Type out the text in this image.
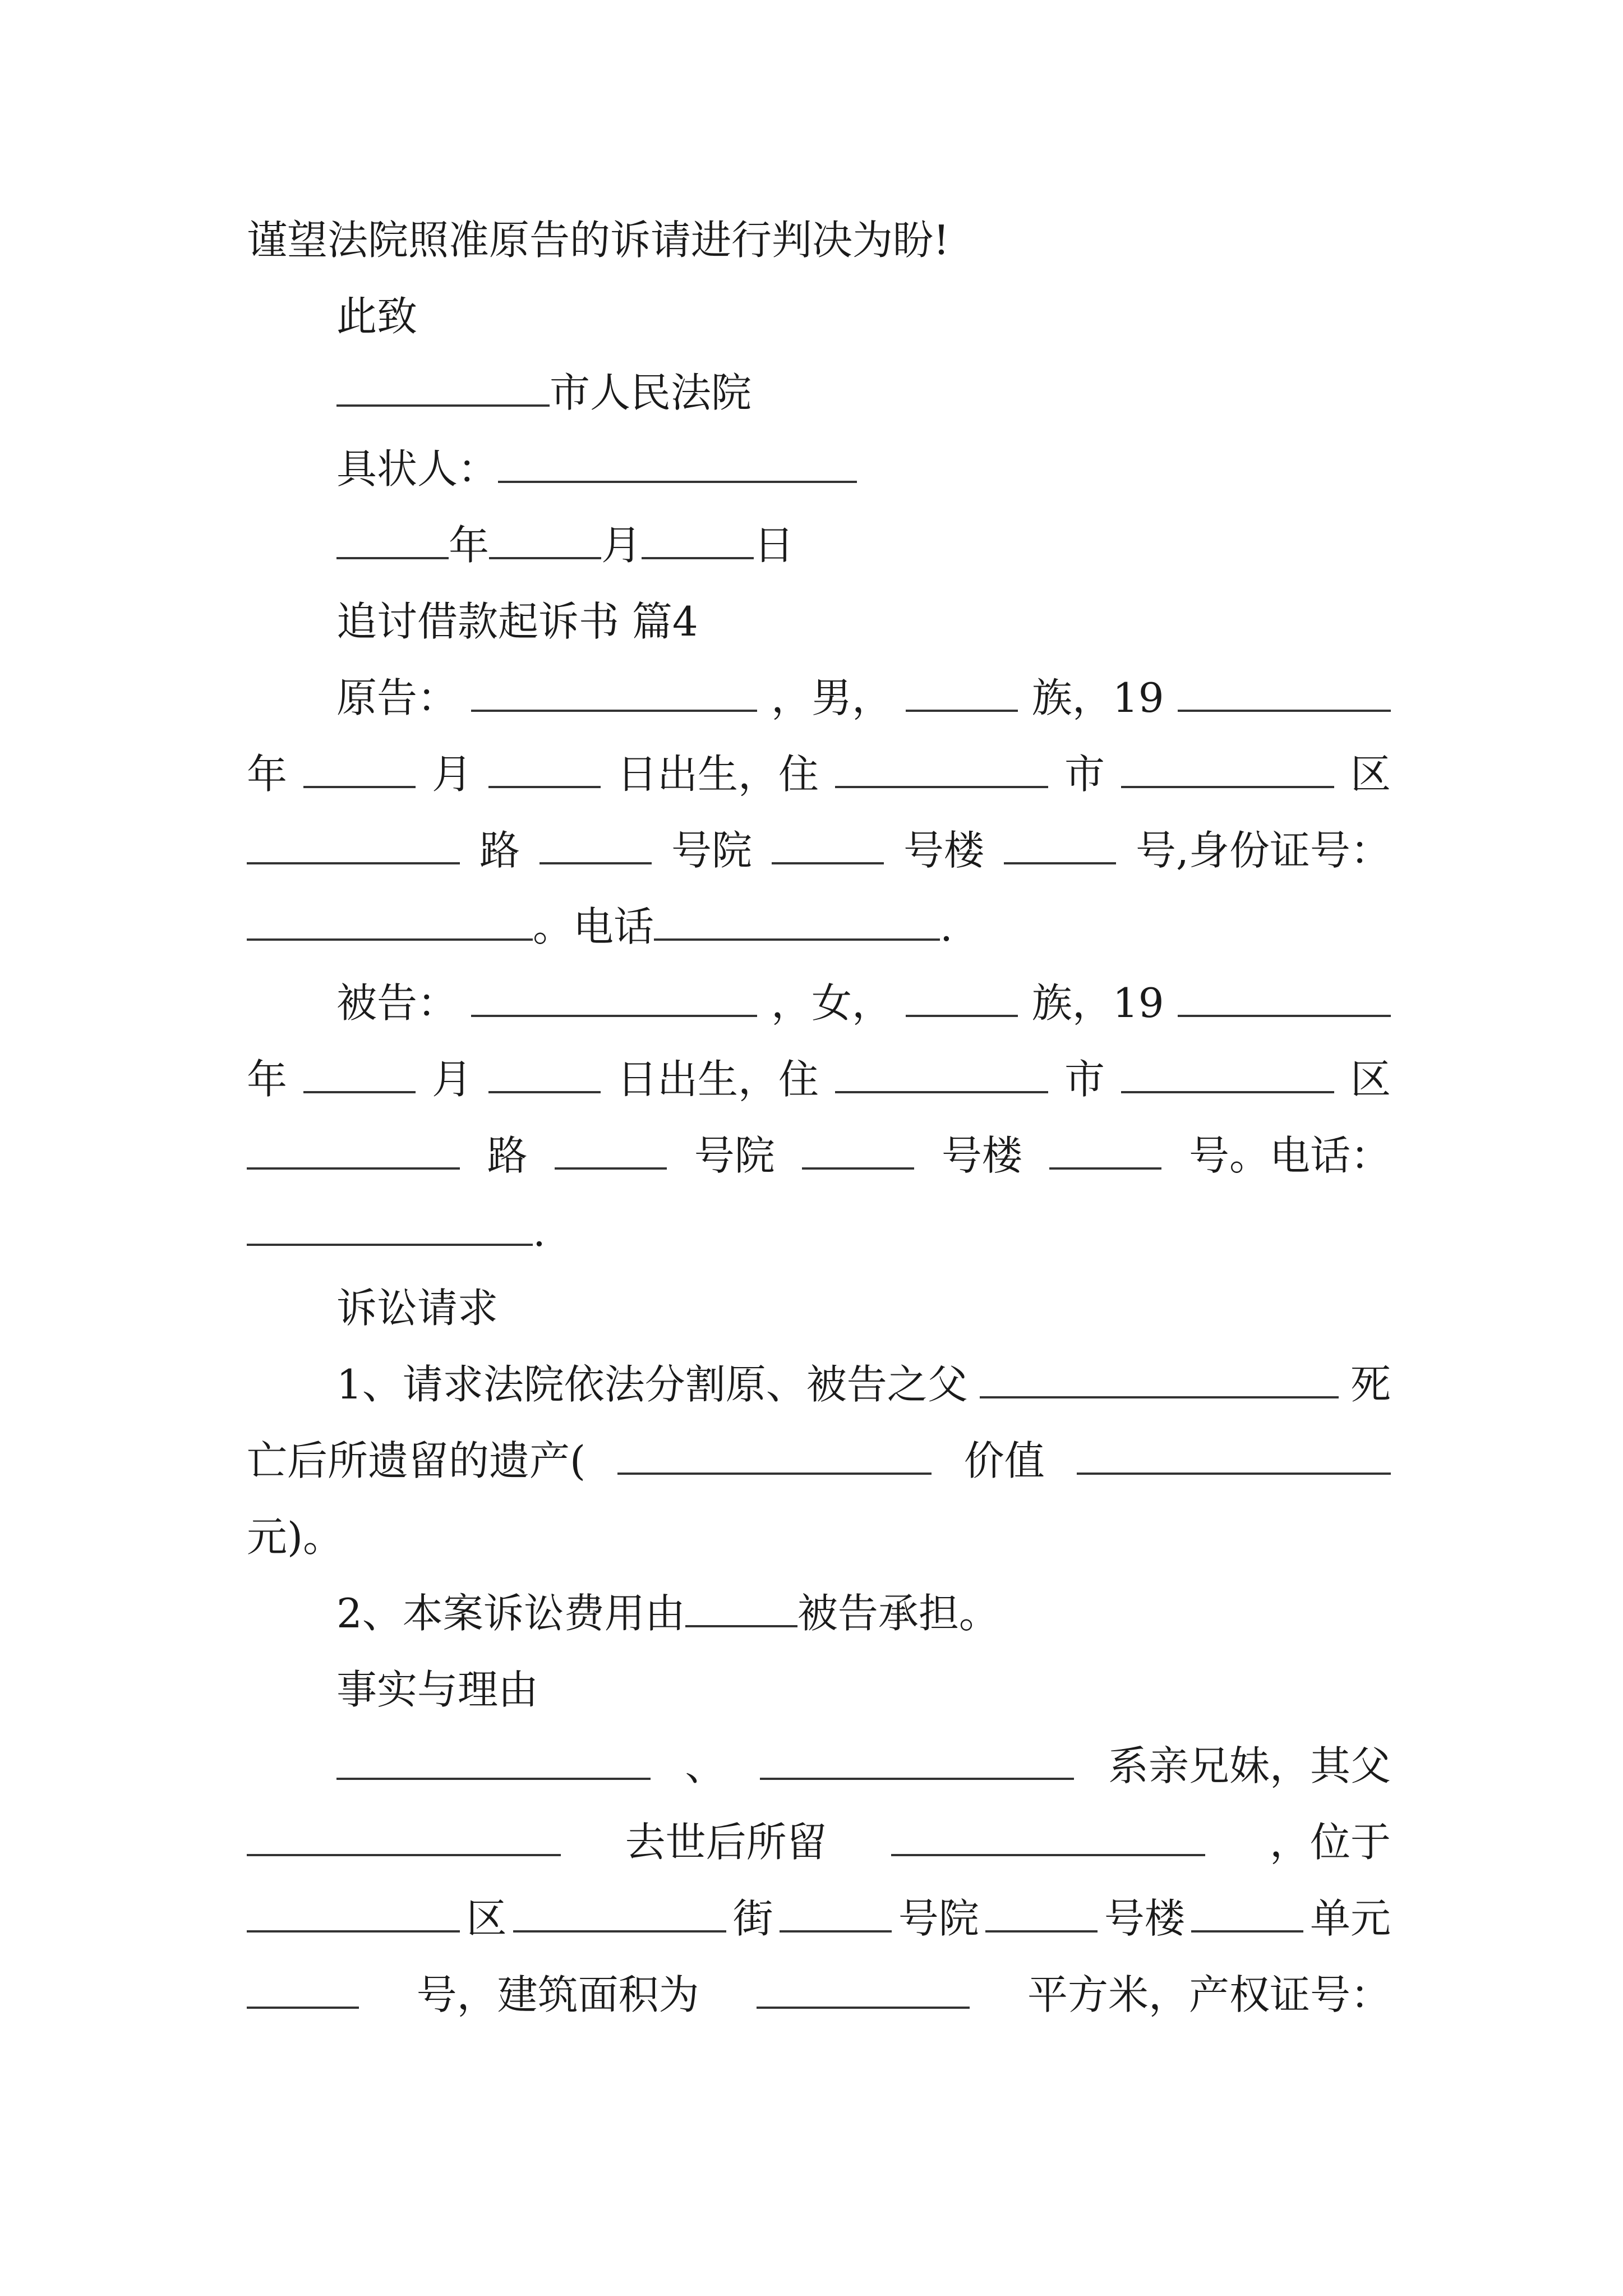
谨望法院照准原告的诉请进行判决为盼!
此致
市人民法院
具状人：
年	月	日
追讨借款起诉书 篇4
原告：	，男，	族，19
年	月	日出生，住	市	区
路	号院	号楼	号,身份证号：
。电话	.
被告：	，女，	族，19
年	月	日出生，住	市	区
路	号院	号楼	号。电话：
.
诉讼请求
1、请求法院依法分割原、被告之父	死
亡后所遗留的遗产(	价值
元)。
2、本案诉讼费用由	被告承担。
事实与理由
、	系亲兄妹，其父
去世后所留	，位于
区	街	号院	号楼	单元
号，建筑面积为	平方米，产权证号：
